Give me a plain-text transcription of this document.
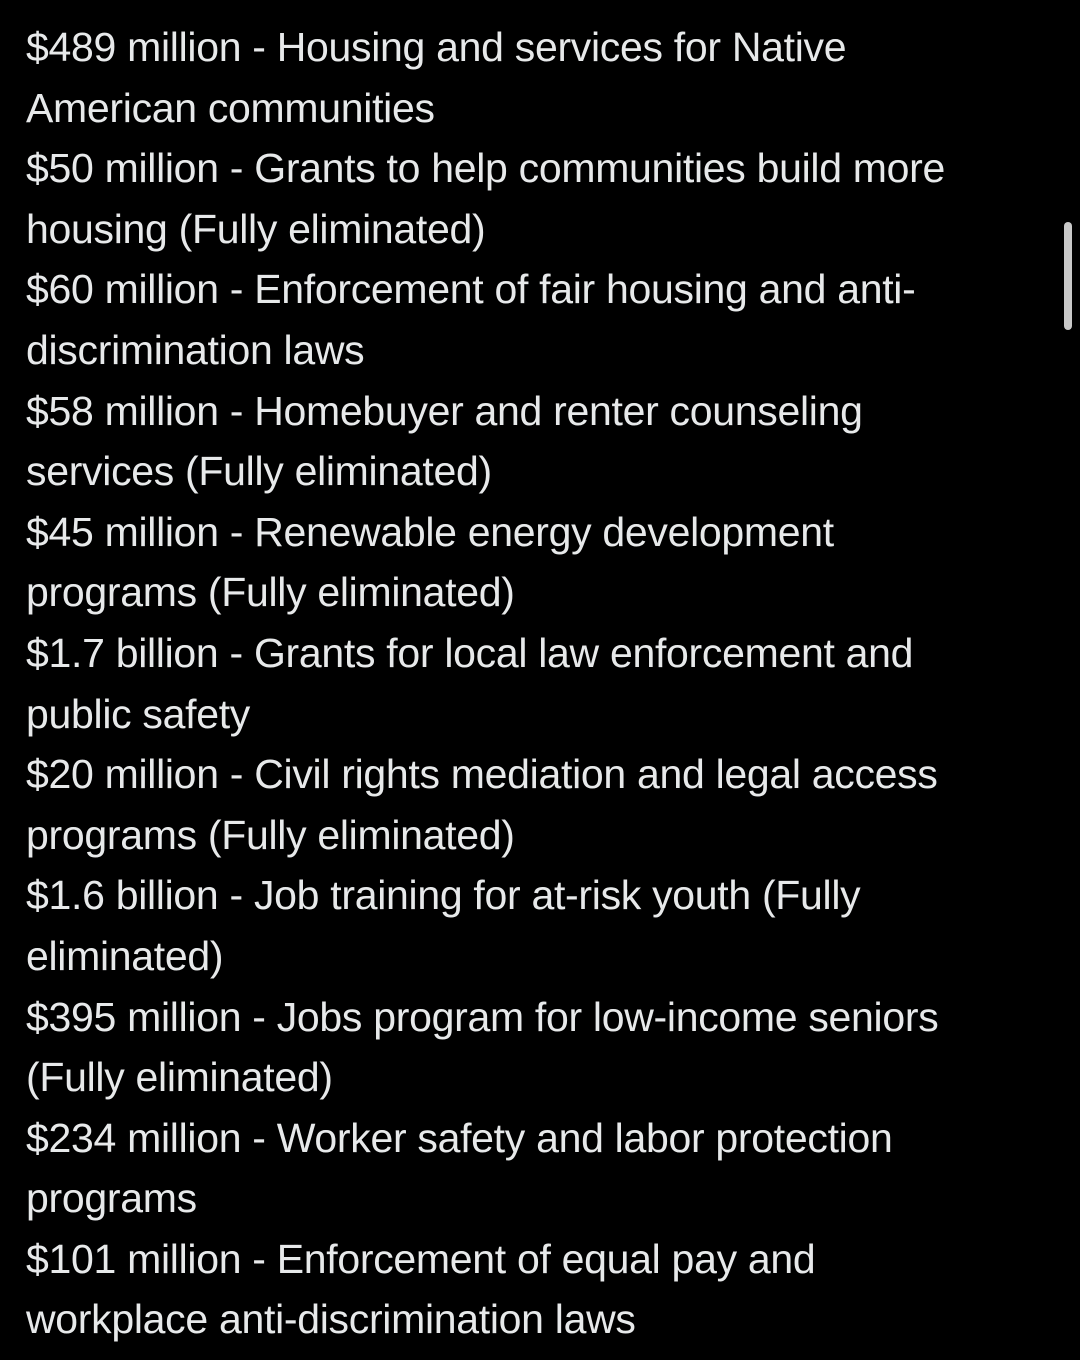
$489 million - Housing and services for Native
American communities
$50 million - Grants to help communities build more
housing (Fully eliminated)
$60 million - Enforcement of fair housing and anti-
discrimination laws
$58 million - Homebuyer and renter counseling
services (Fully eliminated)
$45 million - Renewable energy development
programs (Fully eliminated)
$1.7 billion - Grants for local law enforcement and
public safety
$20 million - Civil rights mediation and legal access
programs (Fully eliminated)
$1.6 billion - Job training for at-risk youth (Fully
eliminated)
$395 million - Jobs program for low-income seniors
(Fully eliminated)
$234 million - Worker safety and labor protection
programs
$101 million - Enforcement of equal pay and
workplace anti-discrimination laws
